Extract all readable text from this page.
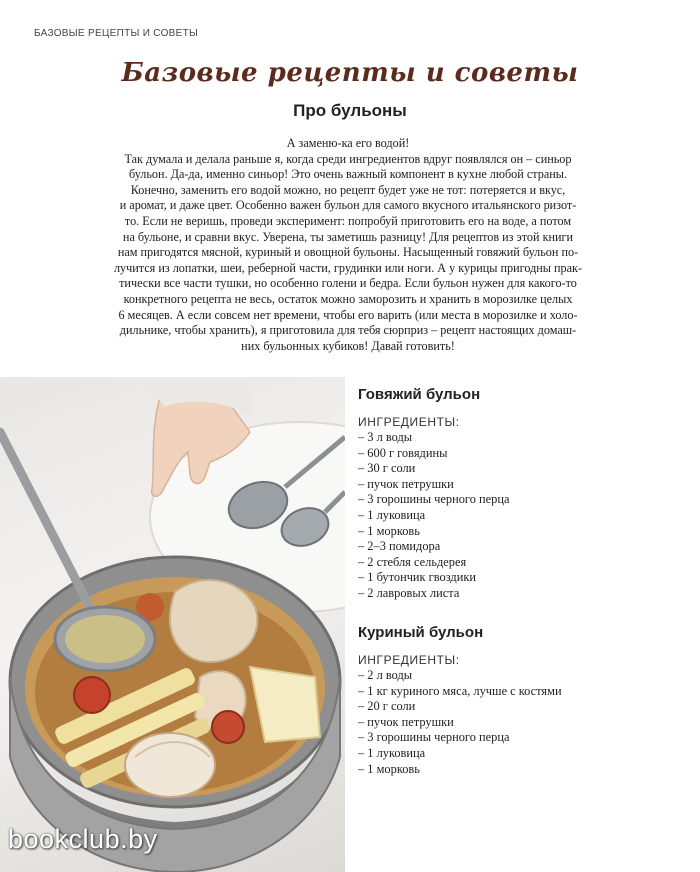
БАЗОВЫЕ РЕЦЕПТЫ И СОВЕТЫ
Базовые рецепты и советы
Про бульоны

А заменю-ка его водой!

Так думала и делала раньше я, когда среди ингредиентов вдруг появлялся он – синьор

бульон. Да-да, именно синьор! Это очень важный компонент в кухне любой страны.

Конечно, заменить его водой можно, но рецепт будет уже не тот: потеряется и вкус,

и аромат, и даже цвет. Особенно важен бульон для самого вкусного итальянского ризот-

то. Если не веришь, проведи эксперимент: попробуй приготовить его на воде, а потом

на бульоне, и сравни вкус. Уверена, ты заметишь разницу! Для рецептов из этой книги

нам пригодятся мясной, куриный и овощной бульоны. Насыщенный говяжий бульон по-

лучится из лопатки, шеи, реберной части, грудинки или ноги. А у курицы пригодны прак-

тически все части тушки, но особенно голени и бедра. Если бульон нужен для какого-то

конкретного рецепта не весь, остаток можно заморозить и хранить в морозилке целых

6 месяцев. А если совсем нет времени, чтобы его варить (или места в морозилке и холо-

дильнике, чтобы хранить), я приготовила для тебя сюрприз – рецепт настоящих домаш-

них бульонных кубиков! Давай готовить!

bookclub.by
Говяжий бульон
ИНГРЕДИЕНТЫ:
– 3 л воды
– 600 г говядины
– 30 г соли
– пучок петрушки
– 3 горошины черного перца
– 1 луковица
– 1 морковь
– 2–3 помидора
– 2 стебля сельдерея
– 1 бутончик гвоздики
– 2 лавровых листа
Куриный бульон
ИНГРЕДИЕНТЫ:
– 2 л воды
– 1 кг куриного мяса, лучше с костями
– 20 г соли
– пучок петрушки
– 3 горошины черного перца
– 1 луковица
– 1 морковь
